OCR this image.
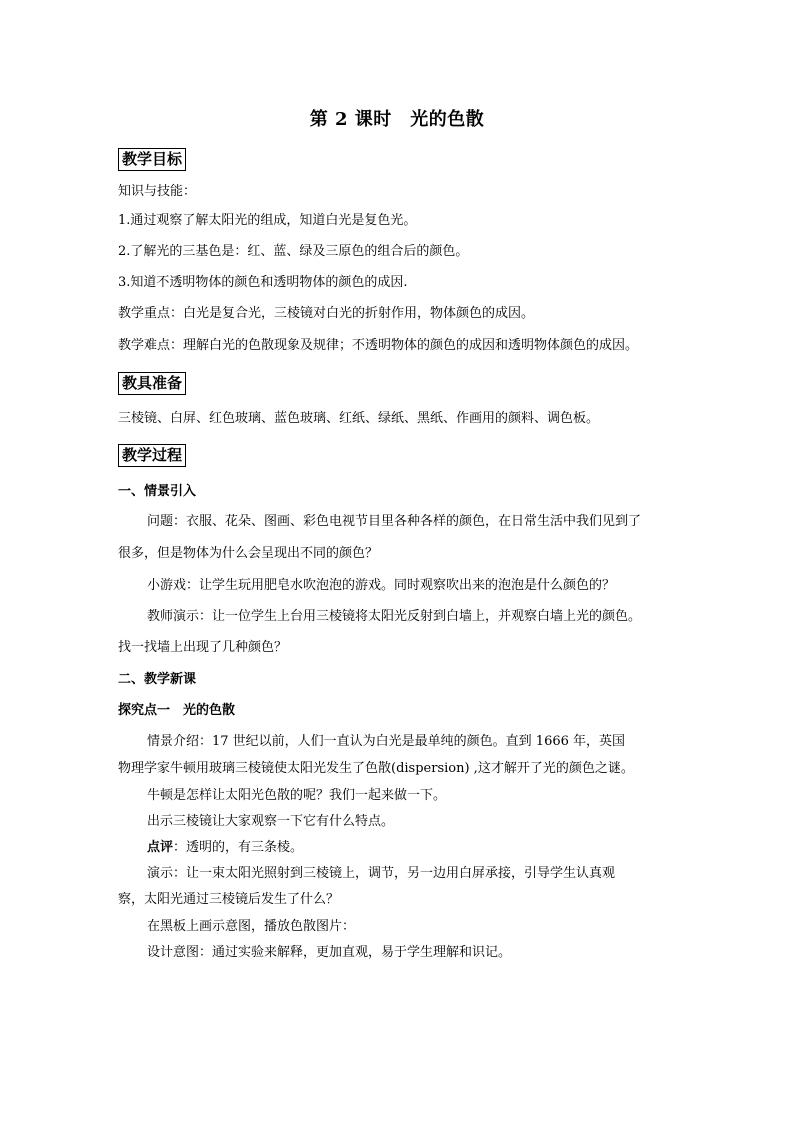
第 2 课时　光的色散
教学目标
知识与技能：
1.通过观察了解太阳光的组成，知道白光是复色光。
2.了解光的三基色是：红、蓝、绿及三原色的组合后的颜色。
3.知道不透明物体的颜色和透明物体的颜色的成因.
教学重点：白光是复合光，三棱镜对白光的折射作用，物体颜色的成因。
教学难点：理解白光的色散现象及规律；不透明物体的颜色的成因和透明物体颜色的成因。
教具准备
三棱镜、白屏、红色玻璃、蓝色玻璃、红纸、绿纸、黑纸、作画用的颜料、调色板。
教学过程
一、情景引入
问题：衣服、花朵、图画、彩色电视节目里各种各样的颜色，在日常生活中我们见到了
很多，但是物体为什么会呈现出不同的颜色？
小游戏：让学生玩用肥皂水吹泡泡的游戏。同时观察吹出来的泡泡是什么颜色的？
教师演示：让一位学生上台用三棱镜将太阳光反射到白墙上，并观察白墙上光的颜色。
找一找墙上出现了几种颜色？
二、教学新课
探究点一　光的色散
情景介绍：17 世纪以前，人们一直认为白光是最单纯的颜色。直到 1666 年，英国
物理学家牛顿用玻璃三棱镜使太阳光发生了色散(dispersion) ,这才解开了光的颜色之谜。
牛顿是怎样让太阳光色散的呢？我们一起来做一下。
出示三棱镜让大家观察一下它有什么特点。
点评：透明的，有三条棱。
演示：让一束太阳光照射到三棱镜上，调节，另一边用白屏承接，引导学生认真观
察，太阳光通过三棱镜后发生了什么？
在黑板上画示意图，播放色散图片：
设计意图：通过实验来解释，更加直观，易于学生理解和识记。
